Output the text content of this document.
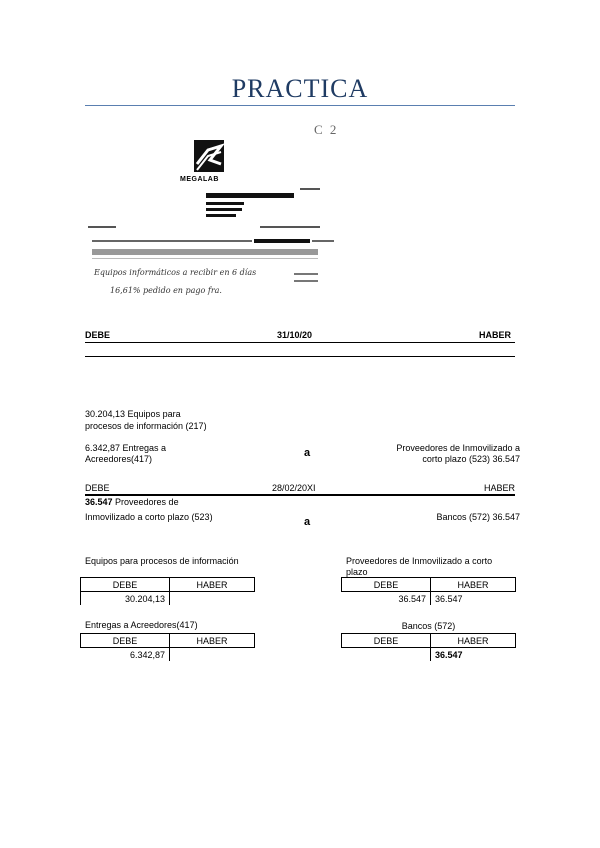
PRACTICA
C 2
MEGALAB
Equipos informáticos a recibir en 6 días
16,61% pedido en pago fra.
DEBE	31/10/20	HABER
30.204,13 Equipos para
procesos de información (217)
6.342,87 Entregas a
Acreedores(417)	a	Proveedores de Inmovilizado a
corto plazo (523) 36.547
DEBE	28/02/20XI	HABER
36.547 Proveedores de
Inmovilizado a corto plazo (523)	a	Bancos (572) 36.547
Equipos para procesos de información
DEBE	HABER
30.204,13	
Proveedores de Inmovilizado a corto
plazo
DEBE	HABER
36.547	36.547
Entregas a Acreedores(417)
DEBE	HABER
6.342,87	
Bancos (572)
DEBE	HABER
	36.547
